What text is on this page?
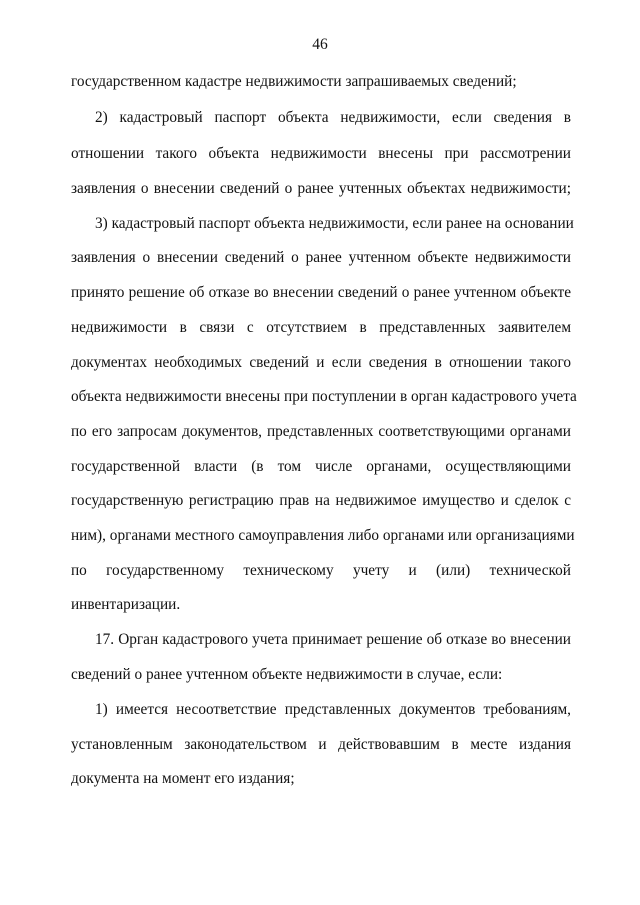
46
государственном кадастре недвижимости запрашиваемых сведений;
2) кадастровый паспорт объекта недвижимости, если сведения в
отношении такого объекта недвижимости внесены при рассмотрении
заявления о внесении сведений о ранее учтенных объектах недвижимости;
3) кадастровый паспорт объекта недвижимости, если ранее на основании
заявления о внесении сведений о ранее учтенном объекте недвижимости
принято решение об отказе во внесении сведений о ранее учтенном объекте
недвижимости в связи с отсутствием в представленных заявителем
документах необходимых сведений и если сведения в отношении такого
объекта недвижимости внесены при поступлении в орган кадастрового учета
по его запросам документов, представленных соответствующими органами
государственной власти (в том числе органами, осуществляющими
государственную регистрацию прав на недвижимое имущество и сделок с
ним), органами местного самоуправления либо органами или организациями
по государственному техническому учету и (или) технической
инвентаризации.
17. Орган кадастрового учета принимает решение об отказе во внесении
сведений о ранее учтенном объекте недвижимости в случае, если:
1) имеется несоответствие представленных документов требованиям,
установленным законодательством и действовавшим в месте издания
документа на момент его издания;
